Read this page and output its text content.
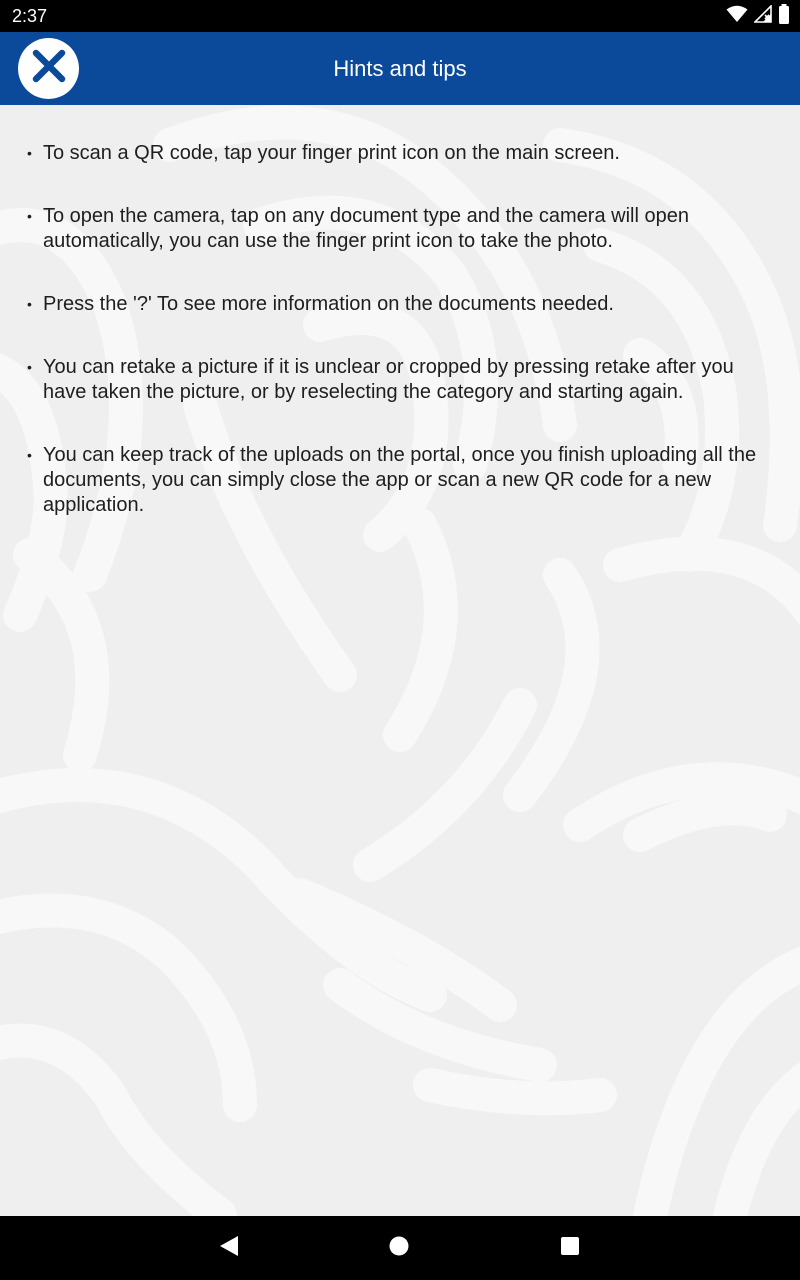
2:37
Hints and tips
• To scan a QR code, tap your finger print icon on the main screen.
• To open the camera, tap on any document type and the camera will open automatically, you can use the finger print icon to take the photo.
• Press the '?' To see more information on the documents needed.
• You can retake a picture if it is unclear or cropped by pressing retake after you have taken the picture, or by reselecting the category and starting again.
• You can keep track of the uploads on the portal, once you finish uploading all the documents, you can simply close the app or scan a new QR code for a new application.
